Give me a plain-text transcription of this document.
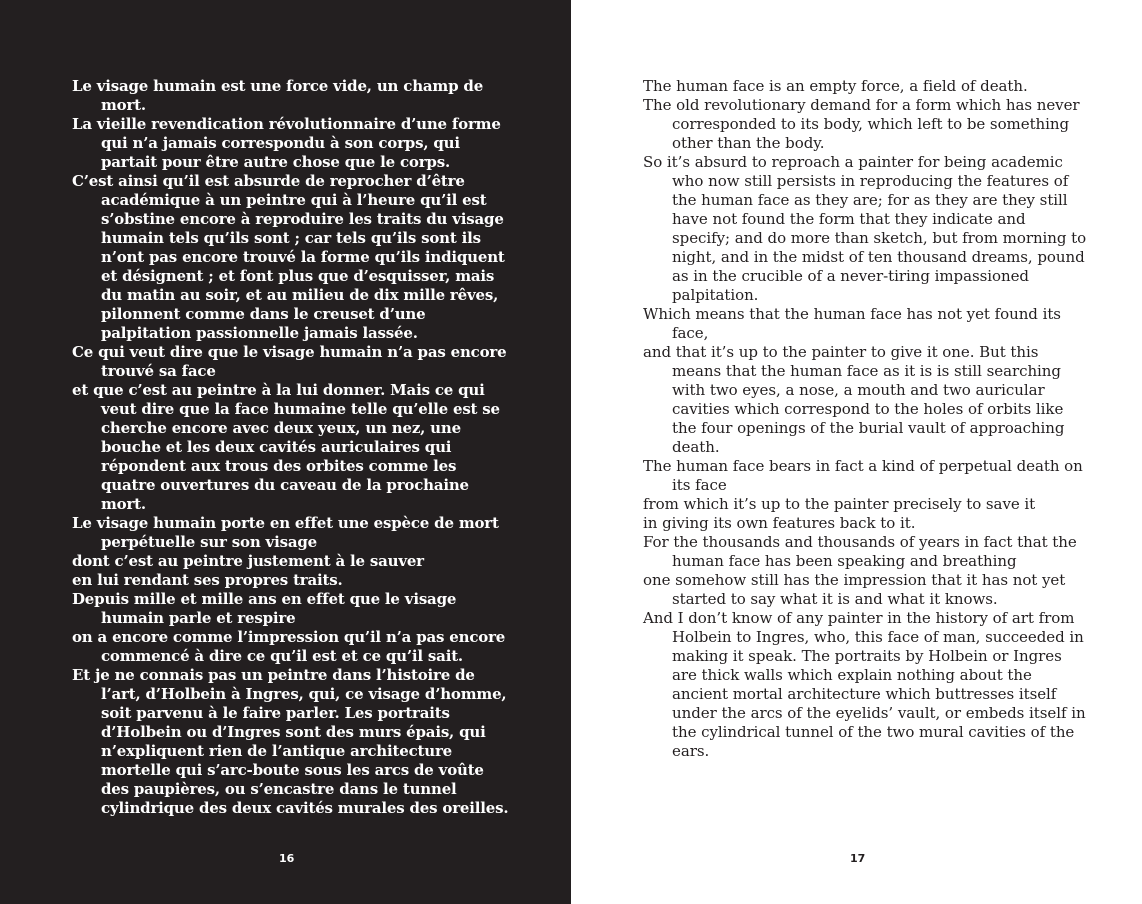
Le visage humain est une force vide, un champ de mort.

La vieille revendication révolutionnaire d’une forme qui n’a jamais correspondu à son corps, qui partait pour être autre chose que le corps.

C’est ainsi qu’il est absurde de reprocher d’être académique à un peintre qui à l’heure qu’il est s’obstine encore à reproduire les traits du visage humain tels qu’ils sont ; car tels qu’ils sont ils n’ont pas encore trouvé la forme qu’ils indiquent et désignent ; et font plus que d’esquisser, mais du matin au soir, et au milieu de dix mille rêves, pilonnent comme dans le creuset d’une palpitation passionnelle jamais lassée.

Ce qui veut dire que le visage humain n’a pas encore trouvé sa face

et que c’est au peintre à la lui donner. Mais ce qui veut dire que la face humaine telle qu’elle est se cherche encore avec deux yeux, un nez, une bouche et les deux cavités auriculaires qui répondent aux trous des orbites comme les quatre ouvertures du caveau de la prochaine mort.

Le visage humain porte en effet une espèce de mort perpétuelle sur son visage

dont c’est au peintre justement à le sauver

en lui rendant ses propres traits.

Depuis mille et mille ans en effet que le visage humain parle et respire

on a encore comme l’impression qu’il n’a pas encore commencé à dire ce qu’il est et ce qu’il sait.

Et je ne connais pas un peintre dans l’histoire de l’art, d’Holbein à Ingres, qui, ce visage d’homme, soit parvenu à le faire parler. Les portraits d’Holbein ou d’Ingres sont des murs épais, qui n’expliquent rien de l’antique architecture mortelle qui s’arc-boute sous les arcs de voûte des paupières, ou s’encastre dans le tunnel cylindrique des deux cavités murales des oreilles.

16

The human face is an empty force, a field of death.

The old revolutionary demand for a form which has never corresponded to its body, which left to be something other than the body.

So it’s absurd to reproach a painter for being academic who now still persists in reproducing the features of the human face as they are; for as they are they still have not found the form that they indicate and specify; and do more than sketch, but from morning to night, and in the midst of ten thousand dreams, pound as in the crucible of a never-tiring impassioned palpitation.

Which means that the human face has not yet found its face,

and that it’s up to the painter to give it one. But this means that the human face as it is is still searching with two eyes, a nose, a mouth and two auricular cavities which correspond to the holes of orbits like the four openings of the burial vault of approaching death.

The human face bears in fact a kind of perpetual death on its face

from which it’s up to the painter precisely to save it

in giving its own features back to it.

For the thousands and thousands of years in fact that the human face has been speaking and breathing

one somehow still has the impression that it has not yet started to say what it is and what it knows.

And I don’t know of any painter in the history of art from Holbein to Ingres, who, this face of man, succeeded in making it speak. The portraits by Holbein or Ingres are thick walls which explain nothing about the ancient mortal architecture which buttresses itself under the arcs of the eyelids’ vault, or embeds itself in the cylindrical tunnel of the two mural cavities of the ears.

17
